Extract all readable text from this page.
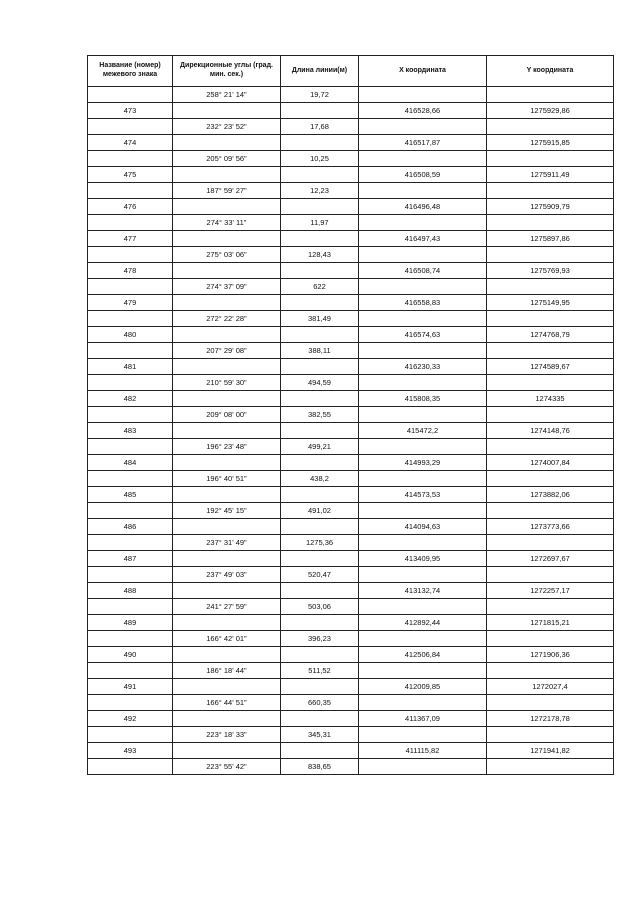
Название (номер) межевого знака	Дирекционные углы (град. мин. сек.)	Длина линии(м)	X координата	Y координата
	258° 21' 14"	19,72		
473			416528,66	1275929,86
	232° 23' 52"	17,68		
474			416517,87	1275915,85
	205° 09' 56"	10,25		
475			416508,59	1275911,49
	187° 59' 27"	12,23		
476			416496,48	1275909,79
	274° 33' 11"	11,97		
477			416497,43	1275897,86
	275° 03' 06"	128,43		
478			416508,74	1275769,93
	274° 37' 09"	622		
479			416558,83	1275149,95
	272° 22' 28"	381,49		
480			416574,63	1274768,79
	207° 29' 08"	388,11		
481			416230,33	1274589,67
	210° 59' 30"	494,59		
482			415808,35	1274335
	209° 08' 00"	382,55		
483			415472,2	1274148,76
	196° 23' 48"	499,21		
484			414993,29	1274007,84
	196° 40' 51"	438,2		
485			414573,53	1273882,06
	192° 45' 15"	491,02		
486			414094,63	1273773,66
	237° 31' 49"	1275,36		
487			413409,95	1272697,67
	237° 49' 03"	520,47		
488			413132,74	1272257,17
	241° 27' 59"	503,06		
489			412892,44	1271815,21
	166° 42' 01"	396,23		
490			412506,84	1271906,36
	186° 18' 44"	511,52		
491			412009,85	1272027,4
	166° 44' 51"	660,35		
492			411367,09	1272178,78
	223° 18' 33"	345,31		
493			411115,82	1271941,82
	223° 55' 42"	838,65		
